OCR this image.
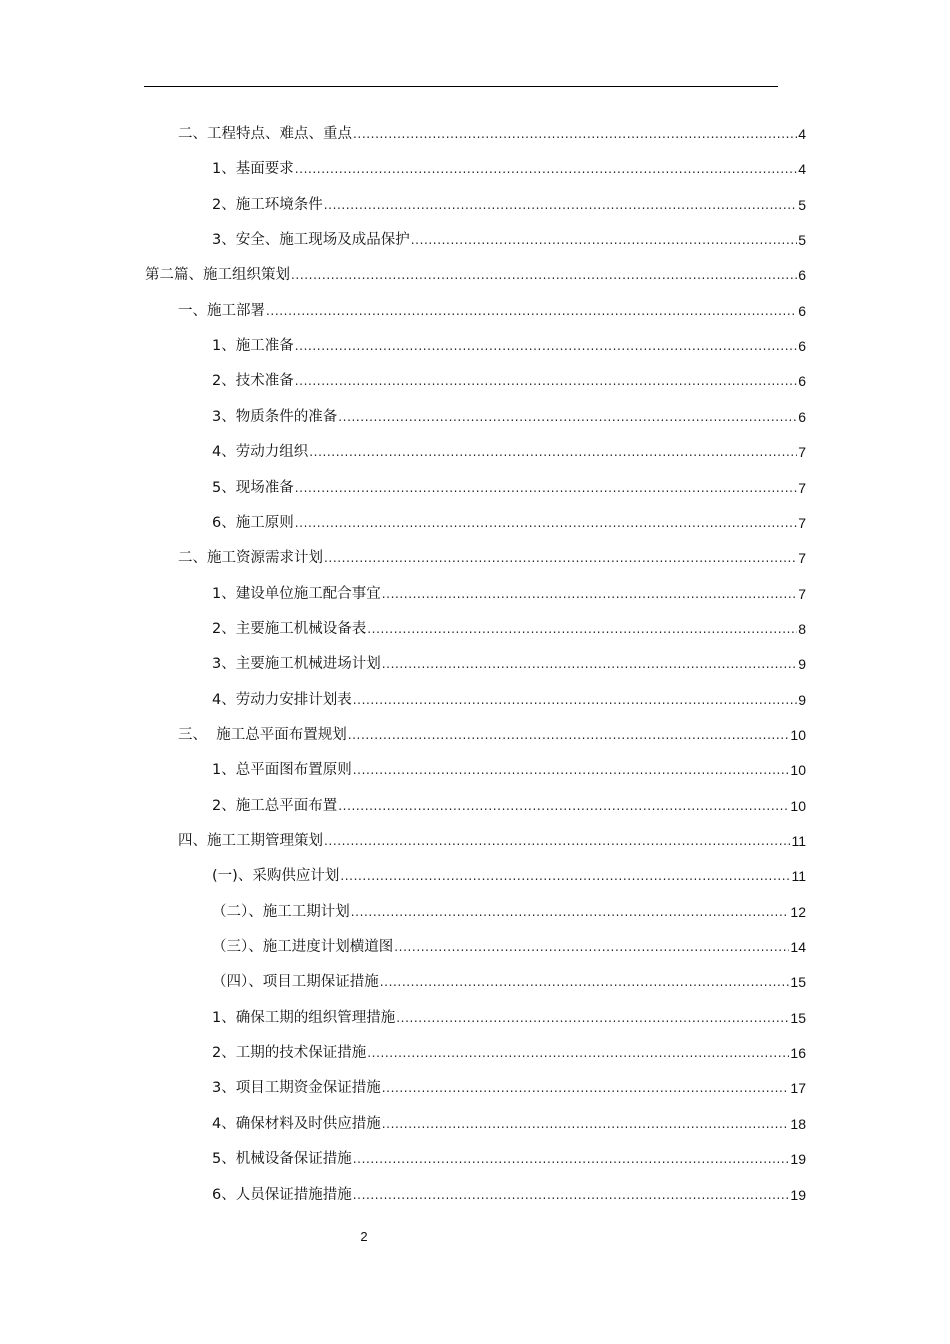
二、工程特点、难点、重点 .....	4
1、基面要求 .....	4
2、施工环境条件 .....	5
3、安全、施工现场及成品保护 .....	5
第二篇、施工组织策划 .....	6
一、施工部署 .....	6
1、施工准备 .....	6
2、技术准备 .....	6
3、物质条件的准备 .....	6
4、劳动力组织 .....	7
5、现场准备 .....	7
6、施工原则 .....	7
二、施工资源需求计划 .....	7
1、建设单位施工配合事宜 .....	7
2、主要施工机械设备表 .....	8
3、主要施工机械进场计划 .....	9
4、劳动力安排计划表 .....	9
三、  施工总平面布置规划 .....	10
1、总平面图布置原则 .....	10
2、施工总平面布置 .....	10
四、施工工期管理策划 .....	11
(一)、采购供应计划 .....	11
（二）、施工工期计划 .....	12
（三）、施工进度计划横道图 .....	14
（四）、项目工期保证措施 .....	15
1、确保工期的组织管理措施 .....	15
2、工期的技术保证措施 .....	16
3、项目工期资金保证措施 .....	17
4、确保材料及时供应措施 .....	18
5、机械设备保证措施 .....	19
6、人员保证措施措施 .....	19
2
